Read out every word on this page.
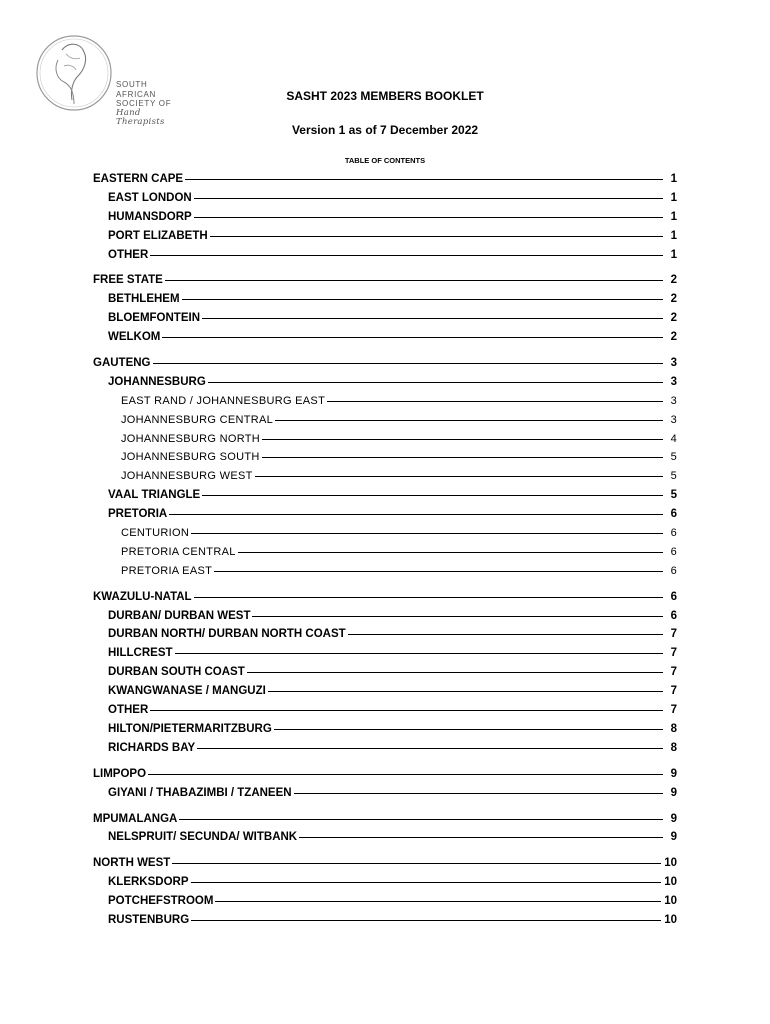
SOUTH AFRICAN
SOCIETY OF
Hand Therapists
SASHT 2023 MEMBERS BOOKLET
Version 1 as of 7 December 2022
TABLE OF CONTENTS
EASTERN CAPE	1
EAST LONDON	1
HUMANSDORP	1
PORT ELIZABETH	1
OTHER	1
FREE STATE	2
BETHLEHEM	2
BLOEMFONTEIN	2
WELKOM	2
GAUTENG	3
JOHANNESBURG	3
EAST RAND / JOHANNESBURG EAST	3
JOHANNESBURG CENTRAL	3
JOHANNESBURG NORTH	4
JOHANNESBURG SOUTH	5
JOHANNESBURG WEST	5
VAAL TRIANGLE	5
PRETORIA	6
CENTURION	6
PRETORIA CENTRAL	6
PRETORIA EAST	6
KWAZULU-NATAL	6
DURBAN/ DURBAN WEST	6
DURBAN NORTH/ DURBAN NORTH COAST	7
HILLCREST	7
DURBAN SOUTH COAST	7
KWANGWANASE / MANGUZI	7
OTHER	7
HILTON/PIETERMARITZBURG	8
RICHARDS BAY	8
LIMPOPO	9
GIYANI / THABAZIMBI / TZANEEN	9
MPUMALANGA	9
NELSPRUIT/ SECUNDA/ WITBANK	9
NORTH WEST	10
KLERKSDORP	10
POTCHEFSTROOM	10
RUSTENBURG	10
